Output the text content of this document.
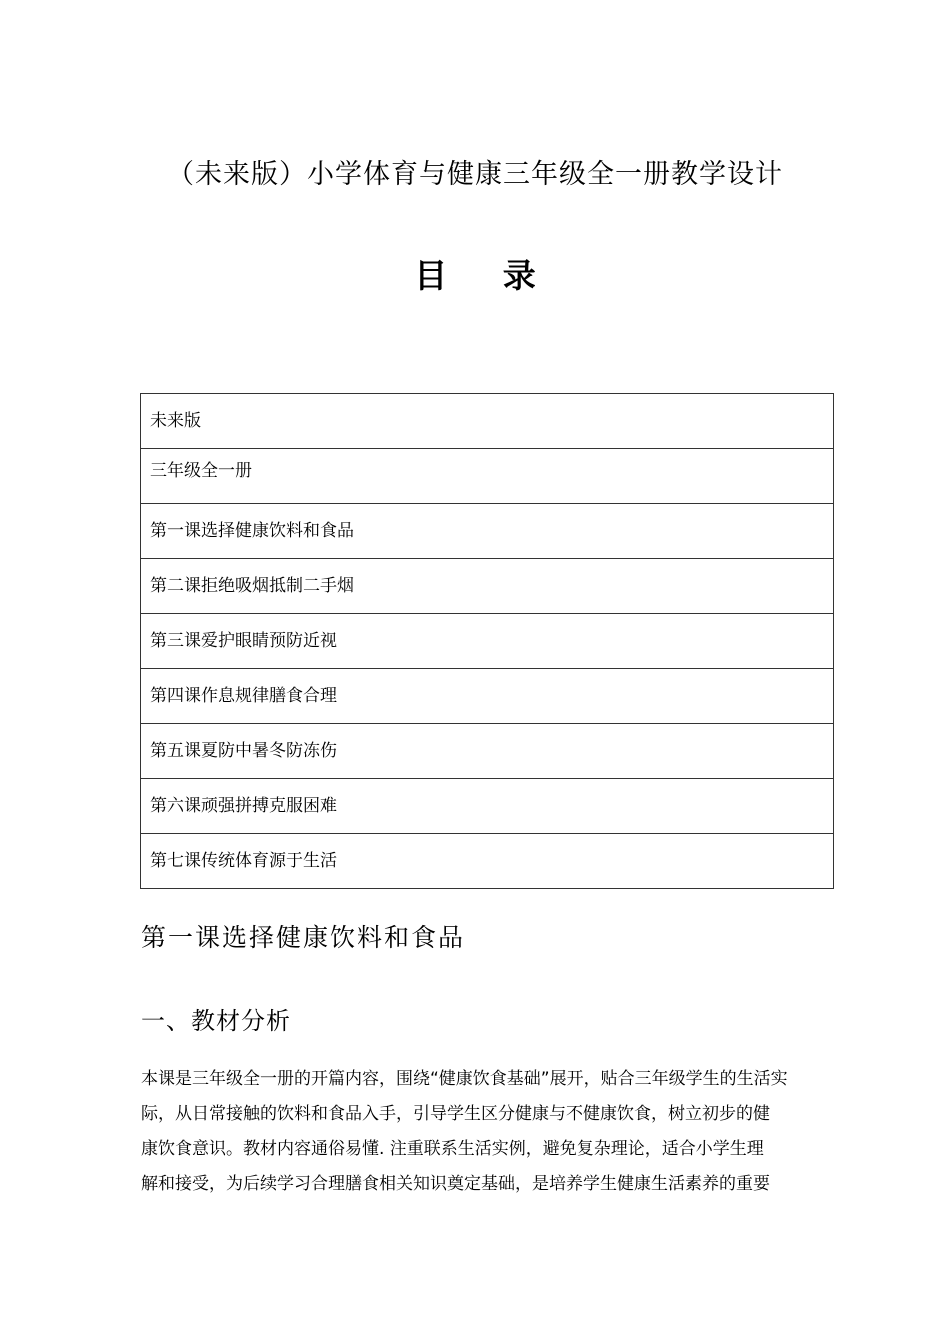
（未来版）小学体育与健康三年级全一册教学设计
目 录
未来版
三年级全一册
第一课选择健康饮料和食品
第二课拒绝吸烟抵制二手烟
第三课爱护眼睛预防近视
第四课作息规律膳食合理
第五课夏防中暑冬防冻伤
第六课顽强拼搏克服困难
第七课传统体育源于生活
第一课选择健康饮料和食品
一、教材分析
本课是三年级全一册的开篇内容，围绕“健康饮食基础”展开，贴合三年级学生的生活实
际，从日常接触的饮料和食品入手，引导学生区分健康与不健康饮食，树立初步的健
康饮食意识。教材内容通俗易懂. 注重联系生活实例，避免复杂理论，适合小学生理
解和接受，为后续学习合理膳食相关知识奠定基础，是培养学生健康生活素养的重要
